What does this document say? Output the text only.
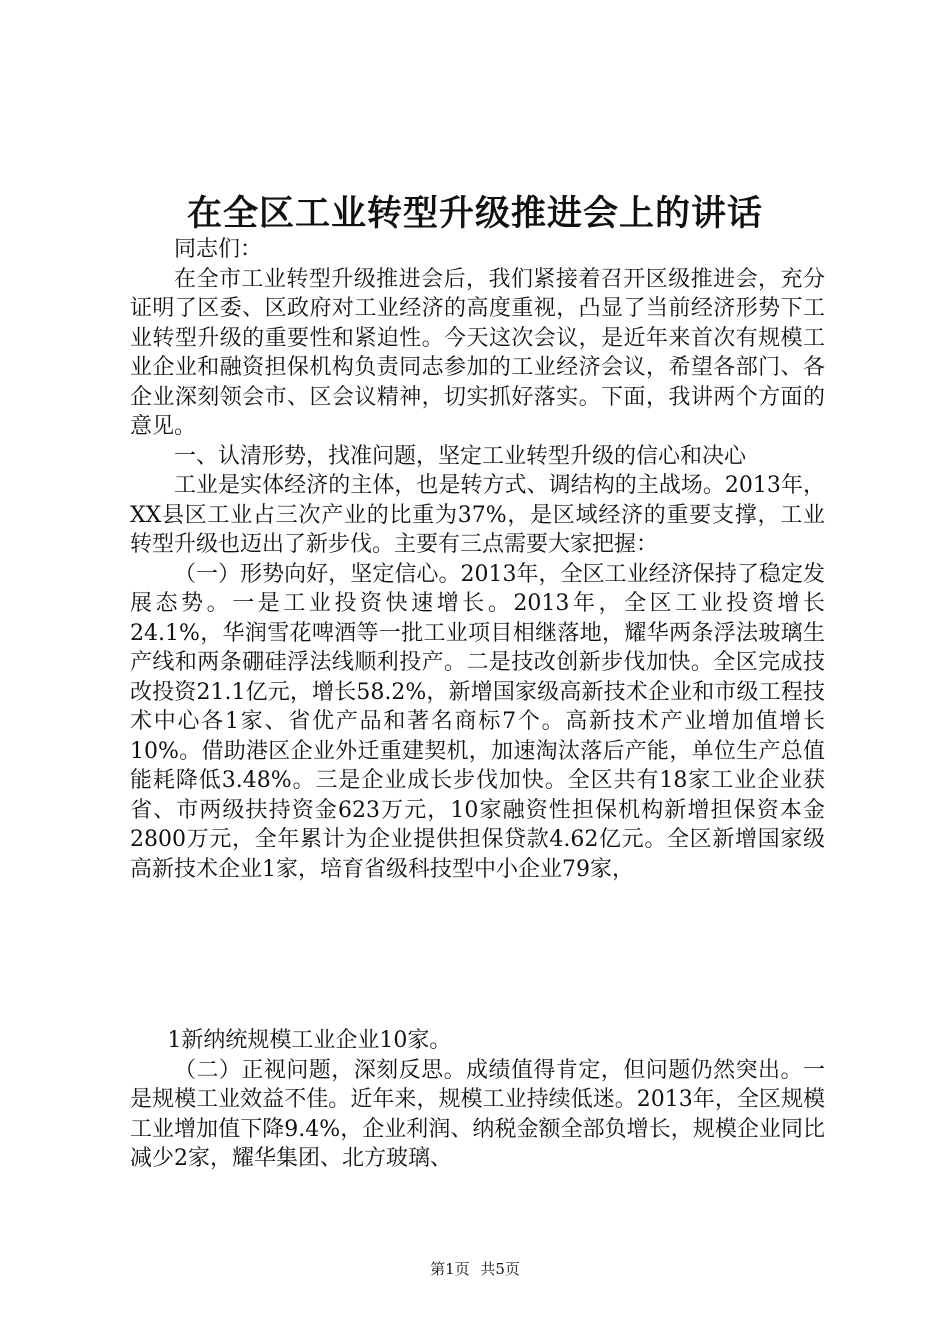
在全区工业转型升级推进会上的讲话

同志们：

在全市工业转型升级推进会后，我们紧接着召开区级推进会，充分证明了区委、区政府对工业经济的高度重视，凸显了当前经济形势下工业转型升级的重要性和紧迫性。今天这次会议，是近年来首次有规模工业企业和融资担保机构负责同志参加的工业经济会议，希望各部门、各企业深刻领会市、区会议精神，切实抓好落实。下面，我讲两个方面的意见。

一、认清形势，找准问题，坚定工业转型升级的信心和决心

工业是实体经济的主体，也是转方式、调结构的主战场。2013年，XX县区工业占三次产业的比重为37%，是区域经济的重要支撑，工业转型升级也迈出了新步伐。主要有三点需要大家把握：

（一）形势向好，坚定信心。2013年，全区工业经济保持了稳定发展态势。一是工业投资快速增长。2013年，全区工业投资增长24.1%，华润雪花啤酒等一批工业项目相继落地，耀华两条浮法玻璃生产线和两条硼硅浮法线顺利投产。二是技改创新步伐加快。全区完成技改投资21.1亿元，增长58.2%，新增国家级高新技术企业和市级工程技术中心各1家、省优产品和著名商标7个。高新技术产业增加值增长10%。借助港区企业外迁重建契机，加速淘汰落后产能，单位生产总值能耗降低3.48%。三是企业成长步伐加快。全区共有18家工业企业获省、市两级扶持资金623万元，10家融资性担保机构新增担保资本金2800万元，全年累计为企业提供担保贷款4.62亿元。全区新增国家级高新技术企业1家，培育省级科技型中小企业79家，

1新纳统规模工业企业10家。

（二）正视问题，深刻反思。成绩值得肯定，但问题仍然突出。一是规模工业效益不佳。近年来，规模工业持续低迷。2013年，全区规模工业增加值下降9.4%，企业利润、纳税金额全部负增长，规模企业同比减少2家，耀华集团、北方玻璃、

第1页 共5页
